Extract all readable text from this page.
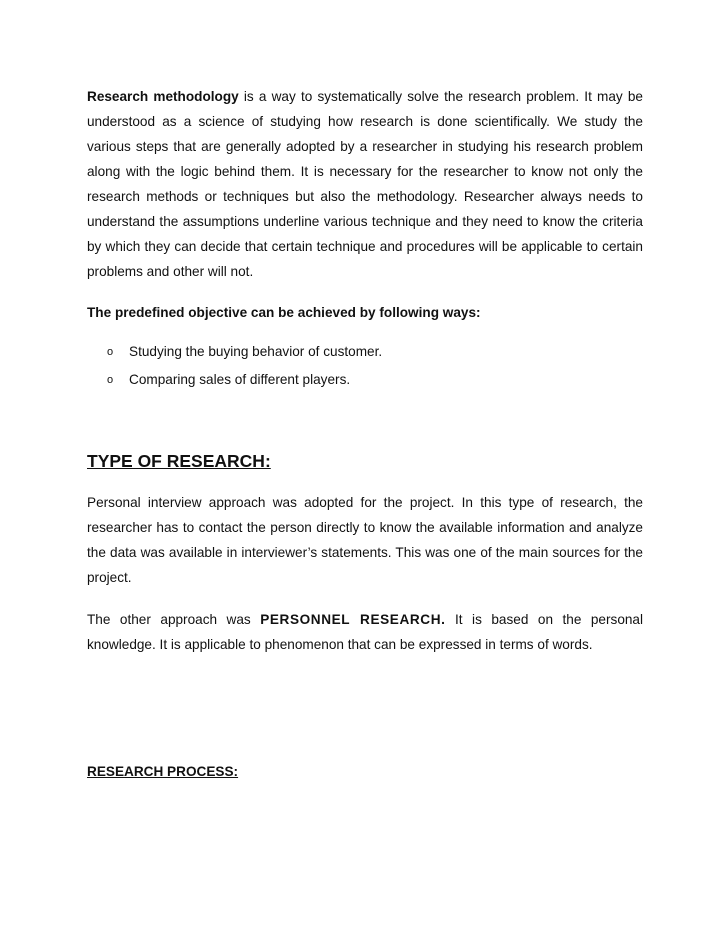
Research methodology is a way to systematically solve the research problem. It may be understood as a science of studying how research is done scientifically. We study the various steps that are generally adopted by a researcher in studying his research problem along with the logic behind them. It is necessary for the researcher to know not only the research methods or techniques but also the methodology. Researcher always needs to understand the assumptions underline various technique and they need to know the criteria by which they can decide that certain technique and procedures will be applicable to certain problems and other will not.

The predefined objective can be achieved by following ways:

o Studying the buying behavior of customer.
o Comparing sales of different players.
TYPE OF RESEARCH:

Personal interview approach was adopted for the project. In this type of research, the researcher has to contact the person directly to know the available information and analyze the data was available in interviewer’s statements. This was one of the main sources for the project.

The other approach was PERSONNEL RESEARCH. It is based on the personal knowledge. It is applicable to phenomenon that can be expressed in terms of words.

RESEARCH PROCESS:
